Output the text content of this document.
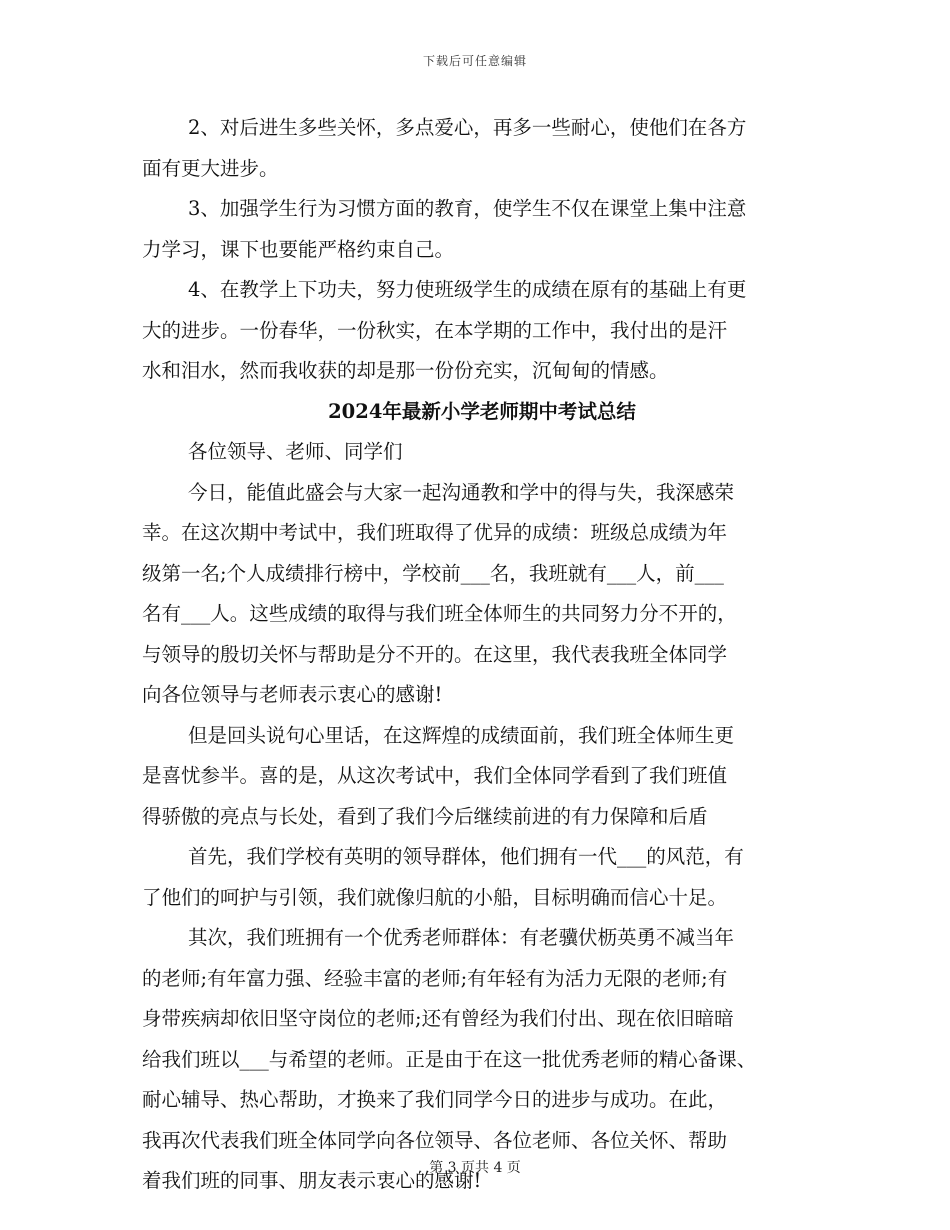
下载后可任意编辑
2、对后进生多些关怀，多点爱心，再多一些耐心，使他们在各方
面有更大进步。
3、加强学生行为习惯方面的教育，使学生不仅在课堂上集中注意
力学习，课下也要能严格约束自己。
4、在教学上下功夫，努力使班级学生的成绩在原有的基础上有更
大的进步。一份春华，一份秋实，在本学期的工作中，我付出的是汗
水和泪水，然而我收获的却是那一份份充实，沉甸甸的情感。
2024年最新小学老师期中考试总结
各位领导、老师、同学们
今日，能值此盛会与大家一起沟通教和学中的得与失，我深感荣
幸。在这次期中考试中，我们班取得了优异的成绩：班级总成绩为年
级第一名;个人成绩排行榜中，学校前___名，我班就有___人，前___
名有___人。这些成绩的取得与我们班全体师生的共同努力分不开的，
与领导的殷切关怀与帮助是分不开的。在这里，我代表我班全体同学
向各位领导与老师表示衷心的感谢!
但是回头说句心里话，在这辉煌的成绩面前，我们班全体师生更
是喜忧参半。喜的是，从这次考试中，我们全体同学看到了我们班值
得骄傲的亮点与长处，看到了我们今后继续前进的有力保障和后盾
首先，我们学校有英明的领导群体，他们拥有一代___的风范，有
了他们的呵护与引领，我们就像归航的小船，目标明确而信心十足。
其次，我们班拥有一个优秀老师群体：有老骥伏枥英勇不减当年
的老师;有年富力强、经验丰富的老师;有年轻有为活力无限的老师;有
身带疾病却依旧坚守岗位的老师;还有曾经为我们付出、现在依旧暗暗
给我们班以___与希望的老师。正是由于在这一批优秀老师的精心备课、
耐心辅导、热心帮助，才换来了我们同学今日的进步与成功。在此，
我再次代表我们班全体同学向各位领导、各位老师、各位关怀、帮助
着我们班的同事、朋友表示衷心的感谢!
第 3 页共 4 页
